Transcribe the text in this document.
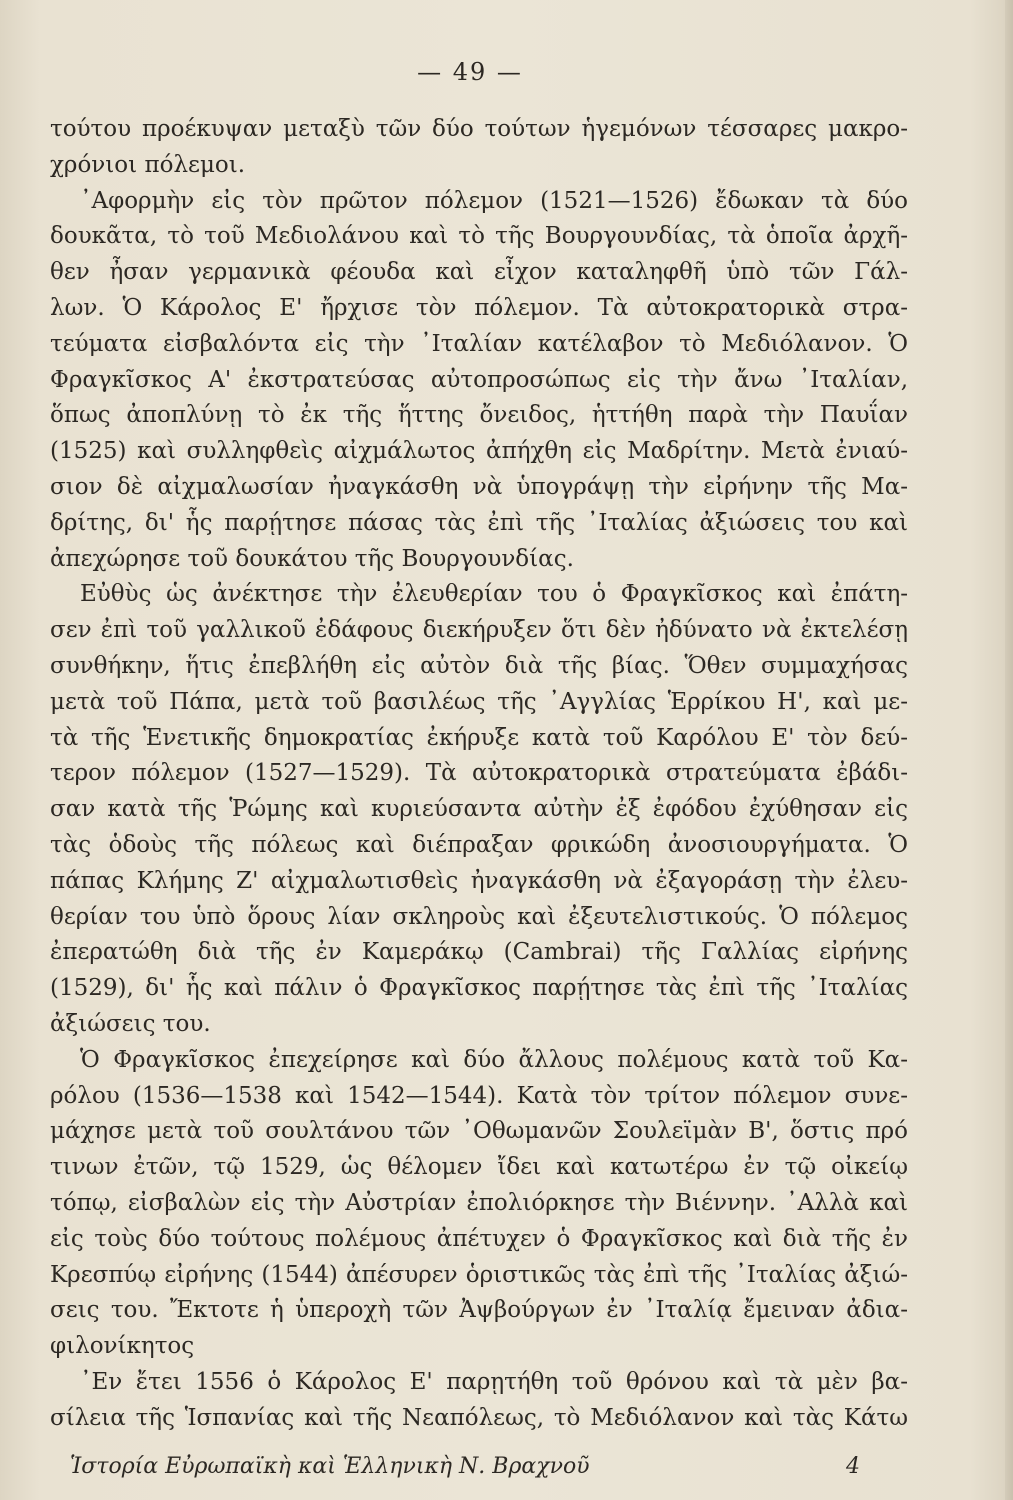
— 49 —
τούτου προέκυψαν μεταξὺ τῶν δύο τούτων ἡγεμόνων τέσσαρες μακρο-
χρόνιοι πόλεμοι.
᾿Αφορμὴν εἰς τὸν πρῶτον πόλεμον (1521—1526) ἔδωκαν τὰ δύο
δουκᾶτα, τὸ τοῦ Μεδιολάνου καὶ τὸ τῆς Βουργουνδίας, τὰ ὁποῖα ἀρχῆ-
θεν ἦσαν γερμανικὰ φέουδα καὶ εἶχον καταληφθῆ ὑπὸ τῶν Γάλ-
λων. Ὁ Κάρολος Ε' ἤρχισε τὸν πόλεμον. Τὰ αὐτοκρατορικὰ στρα-
τεύματα εἰσβαλόντα εἰς τὴν ᾿Ιταλίαν κατέλαβον τὸ Μεδιόλανον. Ὁ
Φραγκῖσκος Α' ἐκστρατεύσας αὐτοπροσώπως εἰς τὴν ἄνω ᾿Ιταλίαν,
ὅπως ἀποπλύνῃ τὸ ἐκ τῆς ἥττης ὄνειδος, ἡττήθη παρὰ τὴν Παυΐαν
(1525) καὶ συλληφθεὶς αἰχμάλωτος ἀπήχθη εἰς Μαδρίτην. Μετὰ ἐνιαύ-
σιον δὲ αἰχμαλωσίαν ἠναγκάσθη νὰ ὑπογράψῃ τὴν εἰρήνην τῆς Μα-
δρίτης, δι' ἧς παρῄτησε πάσας τὰς ἐπὶ τῆς ᾿Ιταλίας ἀξιώσεις του καὶ
ἀπεχώρησε τοῦ δουκάτου τῆς Βουργουνδίας.
Εὐθὺς ὡς ἀνέκτησε τὴν ἐλευθερίαν του ὁ Φραγκῖσκος καὶ ἐπάτη-
σεν ἐπὶ τοῦ γαλλικοῦ ἐδάφους διεκήρυξεν ὅτι δὲν ἠδύνατο νὰ ἐκτελέσῃ
συνθήκην, ἥτις ἐπεβλήθη εἰς αὐτὸν διὰ τῆς βίας. Ὅθεν συμμαχήσας
μετὰ τοῦ Πάπα, μετὰ τοῦ βασιλέως τῆς ᾿Αγγλίας Ἑρρίκου Η', καὶ με-
τὰ τῆς Ἑνετικῆς δημοκρατίας ἐκήρυξε κατὰ τοῦ Καρόλου Ε' τὸν δεύ-
τερον πόλεμον (1527—1529). Τὰ αὐτοκρατορικὰ στρατεύματα ἐβάδι-
σαν κατὰ τῆς Ῥώμης καὶ κυριεύσαντα αὐτὴν ἐξ ἐφόδου ἐχύθησαν εἰς
τὰς ὁδοὺς τῆς πόλεως καὶ διέπραξαν φρικώδη ἀνοσιουργήματα. Ὁ
πάπας Κλήμης Ζ' αἰχμαλωτισθεὶς ἠναγκάσθη νὰ ἐξαγοράσῃ τὴν ἐλευ-
θερίαν του ὑπὸ ὅρους λίαν σκληροὺς καὶ ἐξευτελιστικούς. Ὁ πόλεμος
ἐπερατώθη διὰ τῆς ἐν Καμεράκῳ (Cambrai) τῆς Γαλλίας εἰρήνης
(1529), δι' ἧς καὶ πάλιν ὁ Φραγκῖσκος παρῄτησε τὰς ἐπὶ τῆς ᾿Ιταλίας
ἀξιώσεις του.
Ὁ Φραγκῖσκος ἐπεχείρησε καὶ δύο ἄλλους πολέμους κατὰ τοῦ Κα-
ρόλου (1536—1538 καὶ 1542—1544). Κατὰ τὸν τρίτον πόλεμον συνε-
μάχησε μετὰ τοῦ σουλτάνου τῶν ᾿Οθωμανῶν Σουλεϊμὰν Β', ὅστις πρό
τινων ἐτῶν, τῷ 1529, ὡς θέλομεν ἴδει καὶ κατωτέρω ἐν τῷ οἰκείῳ
τόπῳ, εἰσβαλὼν εἰς τὴν Αὐστρίαν ἐπολιόρκησε τὴν Βιέννην. ᾿Αλλὰ καὶ
εἰς τοὺς δύο τούτους πολέμους ἀπέτυχεν ὁ Φραγκῖσκος καὶ διὰ τῆς ἐν
Κρεσπύῳ εἰρήνης (1544) ἀπέσυρεν ὁριστικῶς τὰς ἐπὶ τῆς ᾿Ιταλίας ἀξιώ-
σεις του. Ἔκτοτε ἡ ὑπεροχὴ τῶν Ἀψβούργων ἐν ᾿Ιταλίᾳ ἔμειναν ἀδια-
φιλονίκητος
᾿Εν ἔτει 1556 ὁ Κάρολος Ε' παρῃτήθη τοῦ θρόνου καὶ τὰ μὲν βα-
σίλεια τῆς Ἱσπανίας καὶ τῆς Νεαπόλεως, τὸ Μεδιόλανον καὶ τὰς Κάτω
Ἱστορία Εὐρωπαϊκὴ καὶ Ἑλληνικὴ Ν. Βραχνοῦ	4
